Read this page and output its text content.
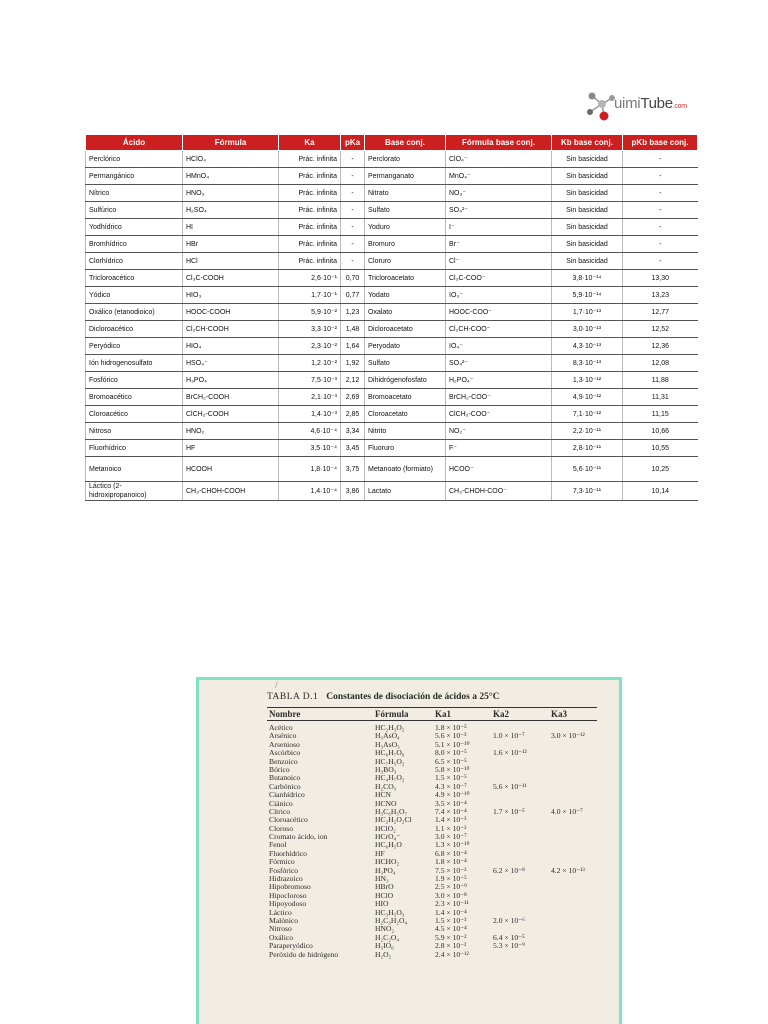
uimiTube.com
Ácido	Fórmula	Ka	pKa	Base conj.	Fórmula base conj.	Kb base conj.	pKb base conj.
Perclórico	HClO₄	Prác. infinita	-	Perclorato	ClO₄⁻	Sin basicidad	-
Permangánico	HMnO₄	Prác. infinita	-	Permanganato	MnO₄⁻	Sin basicidad	-
Nítrico	HNO₃	Prác. infinita	-	Nitrato	NO₃⁻	Sin basicidad	-
Sulfúrico	H₂SO₄	Prác. infinita	-	Sulfato	SO₄²⁻	Sin basicidad	-
Yodhídrico	HI	Prác. infinita	-	Yoduro	I⁻	Sin basicidad	-
Bromhídrico	HBr	Prác. infinita	-	Bromuro	Br⁻	Sin basicidad	-
Clorhídrico	HCl	Prác. infinita	-	Cloruro	Cl⁻	Sin basicidad	-
Tricloroacético	Cl₃C-COOH	2,6·10⁻¹	0,70	Tricloroacetato	Cl₃C-COO⁻	3,8·10⁻¹⁴	13,30
Yódico	HIO₃	1,7·10⁻¹	0,77	Yodato	IO₃⁻	5,9·10⁻¹⁴	13,23
Oxálico (etanodioico)	HOOC-COOH	5,9·10⁻²	1,23	Oxalato	HOOC-COO⁻	1,7·10⁻¹³	12,77
Dicloroacético	Cl₂CH-COOH	3,3·10⁻²	1,48	Dicloroacetato	Cl₂CH-COO⁻	3,0·10⁻¹³	12,52
Peryódico	HIO₄	2,3·10⁻²	1,64	Peryodato	IO₄⁻	4,3·10⁻¹³	12,36
Ión hidrogenosulfato	HSO₄⁻	1,2·10⁻²	1,92	Sulfato	SO₄²⁻	8,3·10⁻¹³	12,08
Fosfórico	H₃PO₄	7,5·10⁻³	2,12	Dihidrógenofosfato	H₂PO₄⁻	1,3·10⁻¹²	11,88
Bromoacético	BrCH₂-COOH	2,1·10⁻³	2,69	Bromoacetato	BrCH₂-COO⁻	4,9·10⁻¹²	11,31
Cloroacético	ClCH₂-COOH	1,4·10⁻³	2,85	Cloroacetato	ClCH₂-COO⁻	7,1·10⁻¹²	11,15
Nitroso	HNO₂	4,6·10⁻⁴	3,34	Nitrito	NO₂⁻	2,2·10⁻¹¹	10,66
Fluorhídrico	HF	3,5·10⁻⁴	3,45	Fluoruro	F⁻	2,8·10⁻¹¹	10,55
Metanoico	HCOOH	1,8·10⁻⁴	3,75	Metanoato (formiato)	HCOO⁻	5,6·10⁻¹¹	10,25
Láctico (2-hidroxipropanoico)	CH₃-CHOH-COOH	1,4·10⁻⁴	3,86	Lactato	CH₃-CHOH-COO⁻	7,3·10⁻¹¹	10,14
/
TABLA D.1 Constantes de disociación de ácidos a 25°C
Nombre	Fórmula	Ka1	Ka2	Ka3
Acético	HC₂H₃O₂	1.8 × 10⁻⁵
Arsénico	H₃AsO₄	5.6 × 10⁻³	1.0 × 10⁻⁷	3.0 × 10⁻¹²
Arsenioso	H₃AsO₃	5.1 × 10⁻¹⁰
Ascórbico	HC₆H₇O₆	8.0 × 10⁻⁵	1.6 × 10⁻¹²
Benzoico	HC₇H₅O₂	6.5 × 10⁻⁵
Bórico	H₃BO₃	5.8 × 10⁻¹⁰
Butanoico	HC₄H₇O₂	1.5 × 10⁻⁵
Carbónico	H₂CO₃	4.3 × 10⁻⁷	5.6 × 10⁻¹¹
Cianhídrico	HCN	4.9 × 10⁻¹⁰
Ciánico	HCNO	3.5 × 10⁻⁴
Cítrico	H₃C₆H₅O₇	7.4 × 10⁻⁴	1.7 × 10⁻⁵	4.0 × 10⁻⁷
Cloroacético	HC₂H₂O₂Cl	1.4 × 10⁻³
Cloroso	HClO₂	1.1 × 10⁻²
Cromato ácido, ion	HCrO₄⁻	3.0 × 10⁻⁷
Fenol	HC₆H₅O	1.3 × 10⁻¹⁰
Fluorhídrico	HF	6.8 × 10⁻⁴
Fórmico	HCHO₂	1.8 × 10⁻⁴
Fosfórico	H₃PO₄	7.5 × 10⁻³	6.2 × 10⁻⁸	4.2 × 10⁻¹³
Hidrazoico	HN₃	1.9 × 10⁻⁵
Hipobromoso	HBrO	2.5 × 10⁻⁹
Hipocloroso	HClO	3.0 × 10⁻⁸
Hipoyodoso	HIO	2.3 × 10⁻¹¹
Láctico	HC₃H₅O₃	1.4 × 10⁻⁴
Malónico	H₂C₃H₂O₄	1.5 × 10⁻³	2.0 × 10⁻⁶
Nitroso	HNO₂	4.5 × 10⁻⁴
Oxálico	H₂C₂O₄	5.9 × 10⁻²	6.4 × 10⁻⁵
Paraperyódico	H₅IO₆	2.8 × 10⁻²	5.3 × 10⁻⁹
Peróxido de hidrógeno	H₂O₂	2.4 × 10⁻¹²
